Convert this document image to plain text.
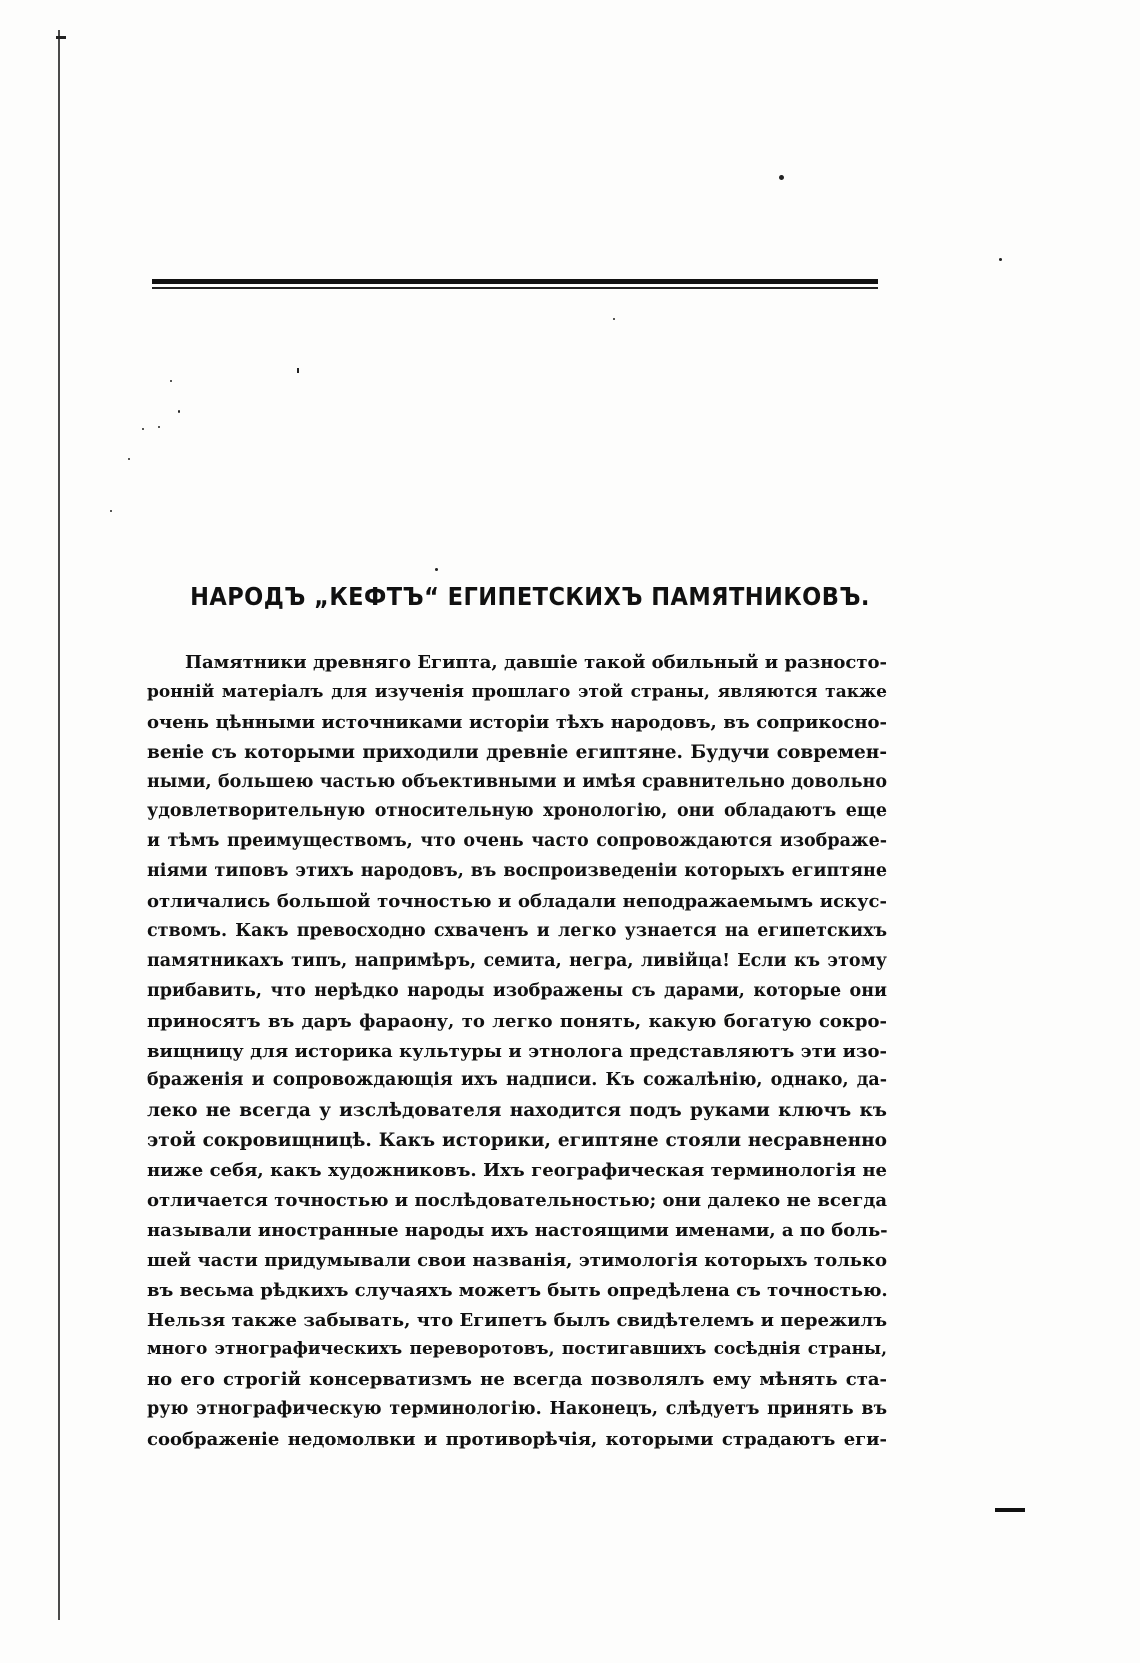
НАРОДЪ „КЕФТЪ“ ЕГИПЕТСКИХЪ ПАМЯТНИКОВЪ.
Памятники древняго Египта, давшіе такой обильный и разносто-
ронній матеріалъ для изученія прошлаго этой страны, являются также
очень цѣнными источниками исторіи тѣхъ народовъ, въ соприкосно-
веніе съ которыми приходили древніе египтяне. Будучи современ-
ными, большею частью объективными и имѣя сравнительно довольно
удовлетворительную относительную хронологію, они обладаютъ еще
и тѣмъ преимуществомъ, что очень часто сопровождаются изображе-
ніями типовъ этихъ народовъ, въ воспроизведеніи которыхъ египтяне
отличались большой точностью и обладали неподражаемымъ искус-
ствомъ. Какъ превосходно схваченъ и легко узнается на египетскихъ
памятникахъ типъ, напримѣръ, семита, негра, ливійца! Если къ этому
прибавить, что нерѣдко народы изображены съ дарами, которые они
приносятъ въ даръ фараону, то легко понять, какую богатую сокро-
вищницу для историка культуры и этнолога представляютъ эти изо-
браженія и сопровождающія ихъ надписи. Къ сожалѣнію, однако, да-
леко не всегда у изслѣдователя находится подъ руками ключъ къ
этой сокровищницѣ. Какъ историки, египтяне стояли несравненно
ниже себя, какъ художниковъ. Ихъ географическая терминологія не
отличается точностью и послѣдовательностью; они далеко не всегда
называли иностранные народы ихъ настоящими именами, а по боль-
шей части придумывали свои названія, этимологія которыхъ только
въ весьма рѣдкихъ случаяхъ можетъ быть опредѣлена съ точностью.
Нельзя также забывать, что Египетъ былъ свидѣтелемъ и пережилъ
много этнографическихъ переворотовъ, постигавшихъ сосѣднія страны,
но его строгій консерватизмъ не всегда позволялъ ему мѣнять ста-
рую этнографическую терминологію. Наконецъ, слѣдуетъ принять въ
соображеніе недомолвки и противорѣчія, которыми страдаютъ еги-
